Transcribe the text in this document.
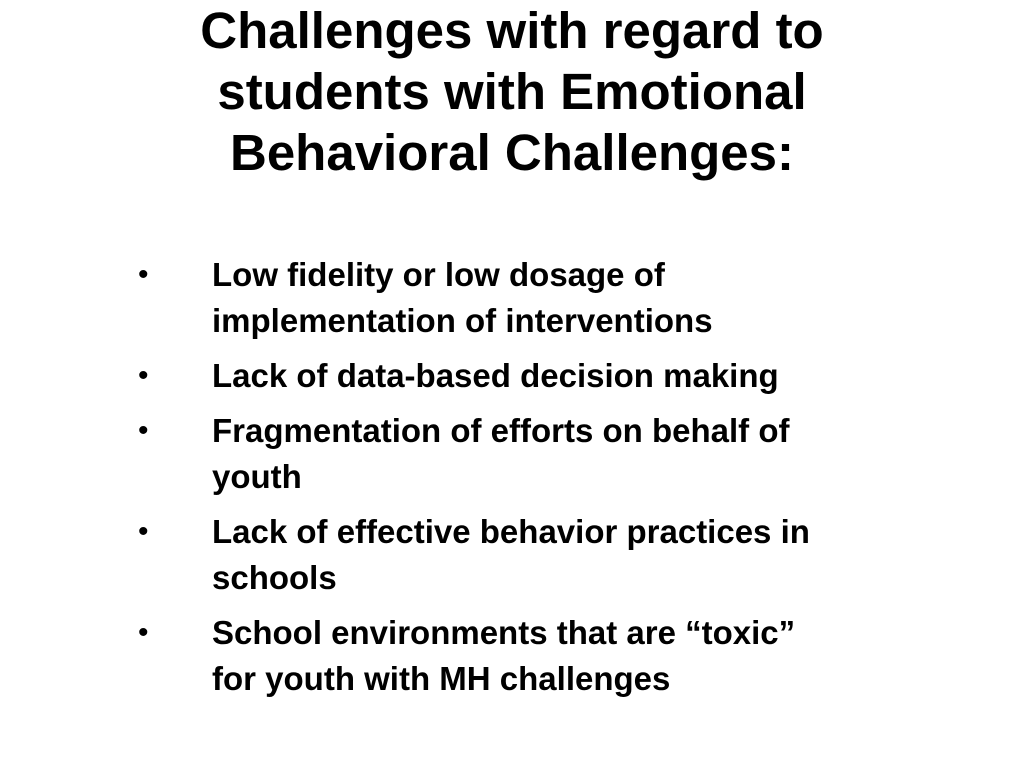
Challenges with regard to
students with Emotional
Behavioral Challenges:
• Low fidelity or low dosage of
implementation of interventions
• Lack of data-based decision making
• Fragmentation of efforts on behalf of
youth
• Lack of effective behavior practices in
schools
• School environments that are “toxic”
for youth with MH challenges
